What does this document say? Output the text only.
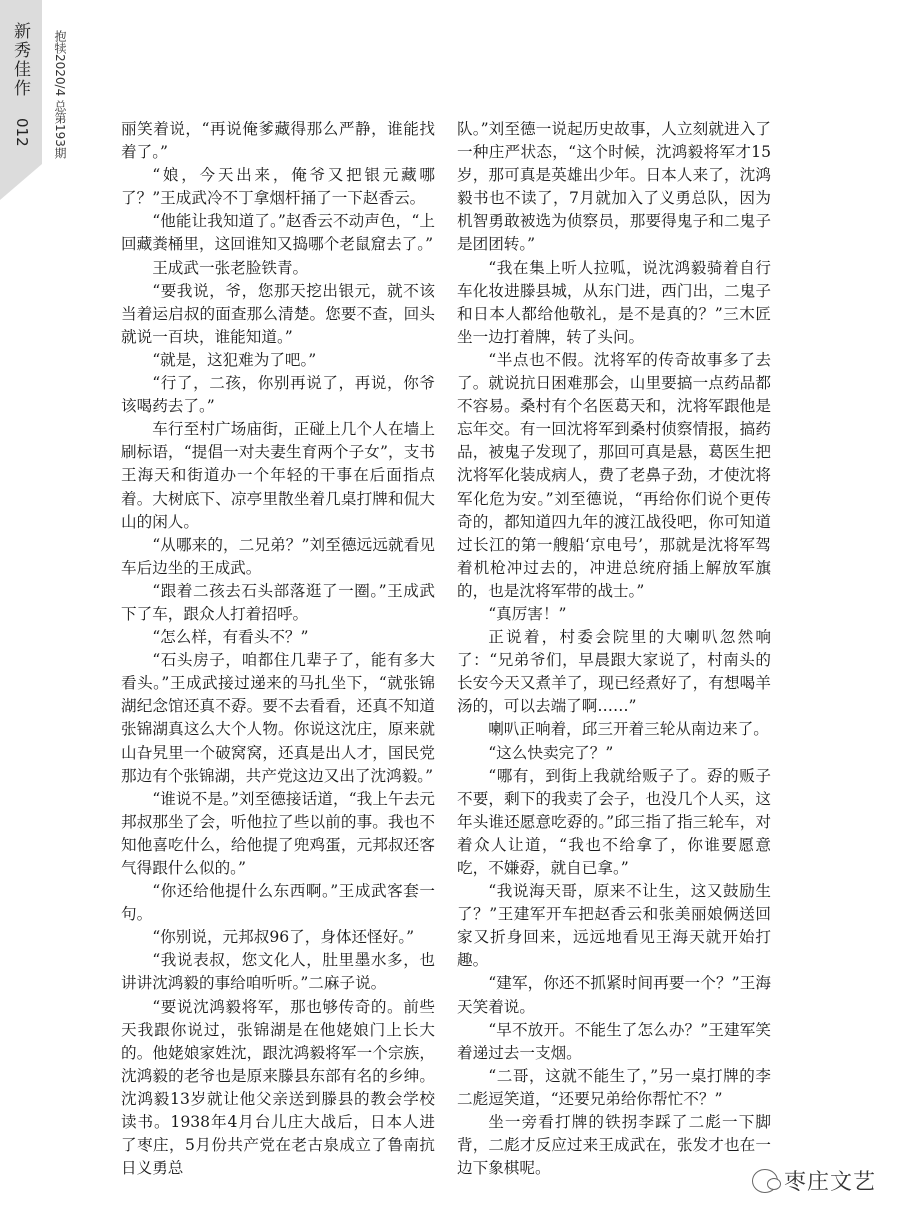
新秀佳作
012 抱犊2020/4 总第193期	丽笑着说，“再说俺爹藏得那么严静，谁能找着了。”

“娘，今天出来，俺爷又把银元藏哪了？”王成武冷不丁拿烟杆捅了一下赵香云。

“他能让我知道了。”赵香云不动声色，“上回藏粪桶里，这回谁知又捣哪个老鼠窟去了。”

王成武一张老脸铁青。

“要我说，爷，您那天挖出银元，就不该当着运启叔的面查那么清楚。您要不查，回头就说一百块，谁能知道。”

“就是，这犯难为了吧。”

“行了，二孩，你别再说了，再说，你爷该喝药去了。”

车行至村广场庙街，正碰上几个人在墙上刷标语，“提倡一对夫妻生育两个子女”，支书王海天和街道办一个年轻的干事在后面指点着。大树底下、凉亭里散坐着几桌打牌和侃大山的闲人。

“从哪来的，二兄弟？”刘至德远远就看见车后边坐的王成武。

“跟着二孩去石头部落逛了一圈。”王成武下了车，跟众人打着招呼。

“怎么样，有看头不？”

“石头房子，咱都住几辈子了，能有多大看头。”王成武接过递来的马扎坐下，“就张锦湖纪念馆还真不孬。要不去看看，还真不知道张锦湖真这么大个人物。你说这沈庄，原来就山旮旯里一个破窝窝，还真是出人才，国民党那边有个张锦湖，共产党这边又出了沈鸿毅。”

“谁说不是。”刘至德接话道，“我上午去元邦叔那坐了会，听他拉了些以前的事。我也不知他喜吃什么，给他提了兜鸡蛋，元邦叔还客气得跟什么似的。”

“你还给他提什么东西啊。”王成武客套一句。

“你别说，元邦叔96了，身体还怪好。”

“我说表叔，您文化人，肚里墨水多，也讲讲沈鸿毅的事给咱听听。”二麻子说。

“要说沈鸿毅将军，那也够传奇的。前些天我跟你说过，张锦湖是在他姥娘门上长大的。他姥娘家姓沈，跟沈鸿毅将军一个宗族，沈鸿毅的老爷也是原来滕县东部有名的乡绅。沈鸿毅13岁就让他父亲送到滕县的教会学校读书。1938年4月台儿庄大战后，日本人进了枣庄，5月份共产党在老古泉成立了鲁南抗日义勇总

队。”刘至德一说起历史故事，人立刻就进入了一种庄严状态，“这个时候，沈鸿毅将军才15岁，那可真是英雄出少年。日本人来了，沈鸿毅书也不读了，7月就加入了义勇总队，因为机智勇敢被选为侦察员，那要得鬼子和二鬼子是团团转。”

“我在集上听人拉呱，说沈鸿毅骑着自行车化妆进滕县城，从东门进，西门出，二鬼子和日本人都给他敬礼，是不是真的？”三木匠坐一边打着牌，转了头问。

“半点也不假。沈将军的传奇故事多了去了。就说抗日困难那会，山里要搞一点药品都不容易。桑村有个名医葛天和，沈将军跟他是忘年交。有一回沈将军到桑村侦察情报，搞药品，被鬼子发现了，那回可真是悬，葛医生把沈将军化装成病人，费了老鼻子劲，才使沈将军化危为安。”刘至德说，“再给你们说个更传奇的，都知道四九年的渡江战役吧，你可知道过长江的第一艘船‘京电号’，那就是沈将军驾着机枪冲过去的，冲进总统府插上解放军旗的，也是沈将军带的战士。”

“真厉害！”

正说着，村委会院里的大喇叭忽然响了：“兄弟爷们，早晨跟大家说了，村南头的长安今天又煮羊了，现已经煮好了，有想喝羊汤的，可以去端了啊……”

喇叭正响着，邱三开着三轮从南边来了。

“这么快卖完了？”

“哪有，到街上我就给贩子了。孬的贩子不要，剩下的我卖了会子，也没几个人买，这年头谁还愿意吃孬的。”邱三指了指三轮车，对着众人让道，“我也不给拿了，你谁要愿意吃，不嫌孬，就自已拿。”

“我说海天哥，原来不让生，这又鼓励生了？”王建军开车把赵香云和张美丽娘俩送回家又折身回来，远远地看见王海天就开始打趣。

“建军，你还不抓紧时间再要一个？”王海天笑着说。

“早不放开。不能生了怎么办？”王建军笑着递过去一支烟。

“二哥，这就不能生了，”另一桌打牌的李二彪逗笑道，“还要兄弟给你帮忙不？”

坐一旁看打牌的铁拐李踩了二彪一下脚背，二彪才反应过来王成武在，张发才也在一边下象棋呢。

枣庄文艺
